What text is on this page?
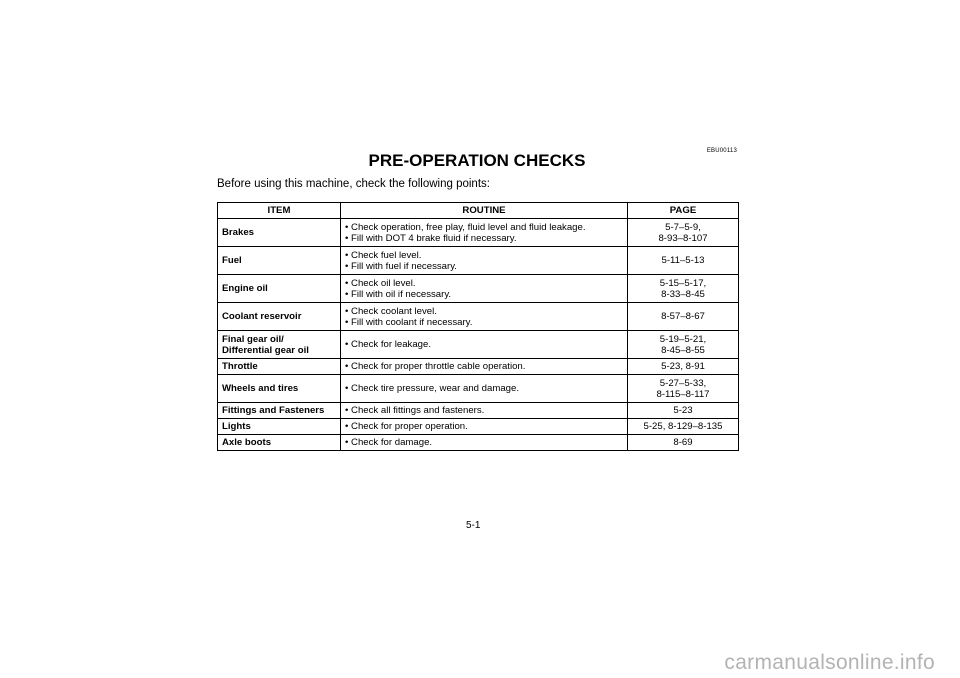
EBU00113
PRE-OPERATION CHECKS
Before using this machine, check the following points:
ITEM	ROUTINE	PAGE

Brakes	• Check operation, free play, fluid level and fluid leakage.
• Fill with DOT 4 brake fluid if necessary.	5-7–5-9,
8-93–8-107

Fuel	• Check fuel level.
• Fill with fuel if necessary.	5-11–5-13

Engine oil	• Check oil level.
• Fill with oil if necessary.	5-15–5-17,
8-33–8-45

Coolant reservoir	• Check coolant level.
• Fill with coolant if necessary.	8-57–8-67

Final gear oil/
Differential gear oil	• Check for leakage.	5-19–5-21,
8-45–8-55

Throttle	• Check for proper throttle cable operation.	5-23, 8-91

Wheels and tires	• Check tire pressure, wear and damage.	5-27–5-33,
8-115–8-117

Fittings and Fasteners	• Check all fittings and fasteners.	5-23

Lights	• Check for proper operation.	5-25, 8-129–8-135

Axle boots	• Check for damage.	8-69
5-1
carmanualsonline.info
